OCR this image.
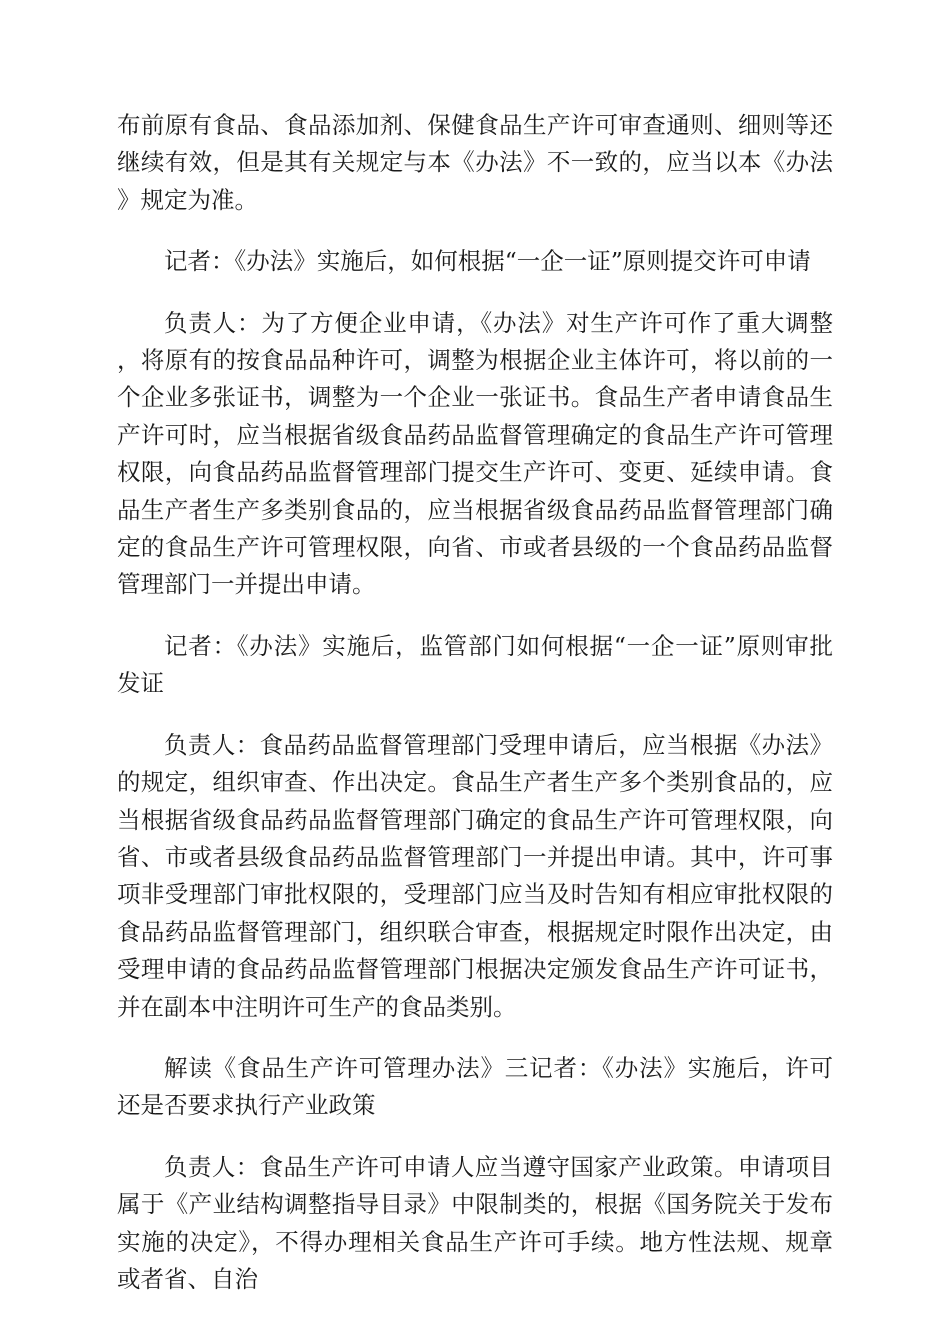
布前原有食品、食品添加剂、保健食品生产许可审查通则、细则等还继续有效，但是其有关规定与本《办法》不一致的，应当以本《办法》规定为准。

记者：《办法》实施后，如何根据“一企一证”原则提交许可申请

负责人：为了方便企业申请，《办法》对生产许可作了重大调整，将原有的按食品品种许可，调整为根据企业主体许可，将以前的一个企业多张证书，调整为一个企业一张证书。食品生产者申请食品生产许可时，应当根据省级食品药品监督管理确定的食品生产许可管理权限，向食品药品监督管理部门提交生产许可、变更、延续申请。食品生产者生产多类别食品的，应当根据省级食品药品监督管理部门确定的食品生产许可管理权限，向省、市或者县级的一个食品药品监督管理部门一并提出申请。

记者：《办法》实施后，监管部门如何根据“一企一证”原则审批发证

负责人：食品药品监督管理部门受理申请后，应当根据《办法》的规定，组织审查、作出决定。食品生产者生产多个类别食品的，应当根据省级食品药品监督管理部门确定的食品生产许可管理权限，向省、市或者县级食品药品监督管理部门一并提出申请。其中，许可事项非受理部门审批权限的，受理部门应当及时告知有相应审批权限的食品药品监督管理部门，组织联合审查，根据规定时限作出决定，由受理申请的食品药品监督管理部门根据决定颁发食品生产许可证书，并在副本中注明许可生产的食品类别。

解读《食品生产许可管理办法》三记者：《办法》实施后，许可还是否要求执行产业政策

负责人：食品生产许可申请人应当遵守国家产业政策。申请项目属于《产业结构调整指导目录》中限制类的，根据《国务院关于发布实施的决定》，不得办理相关食品生产许可手续。地方性法规、规章或者省、自治
